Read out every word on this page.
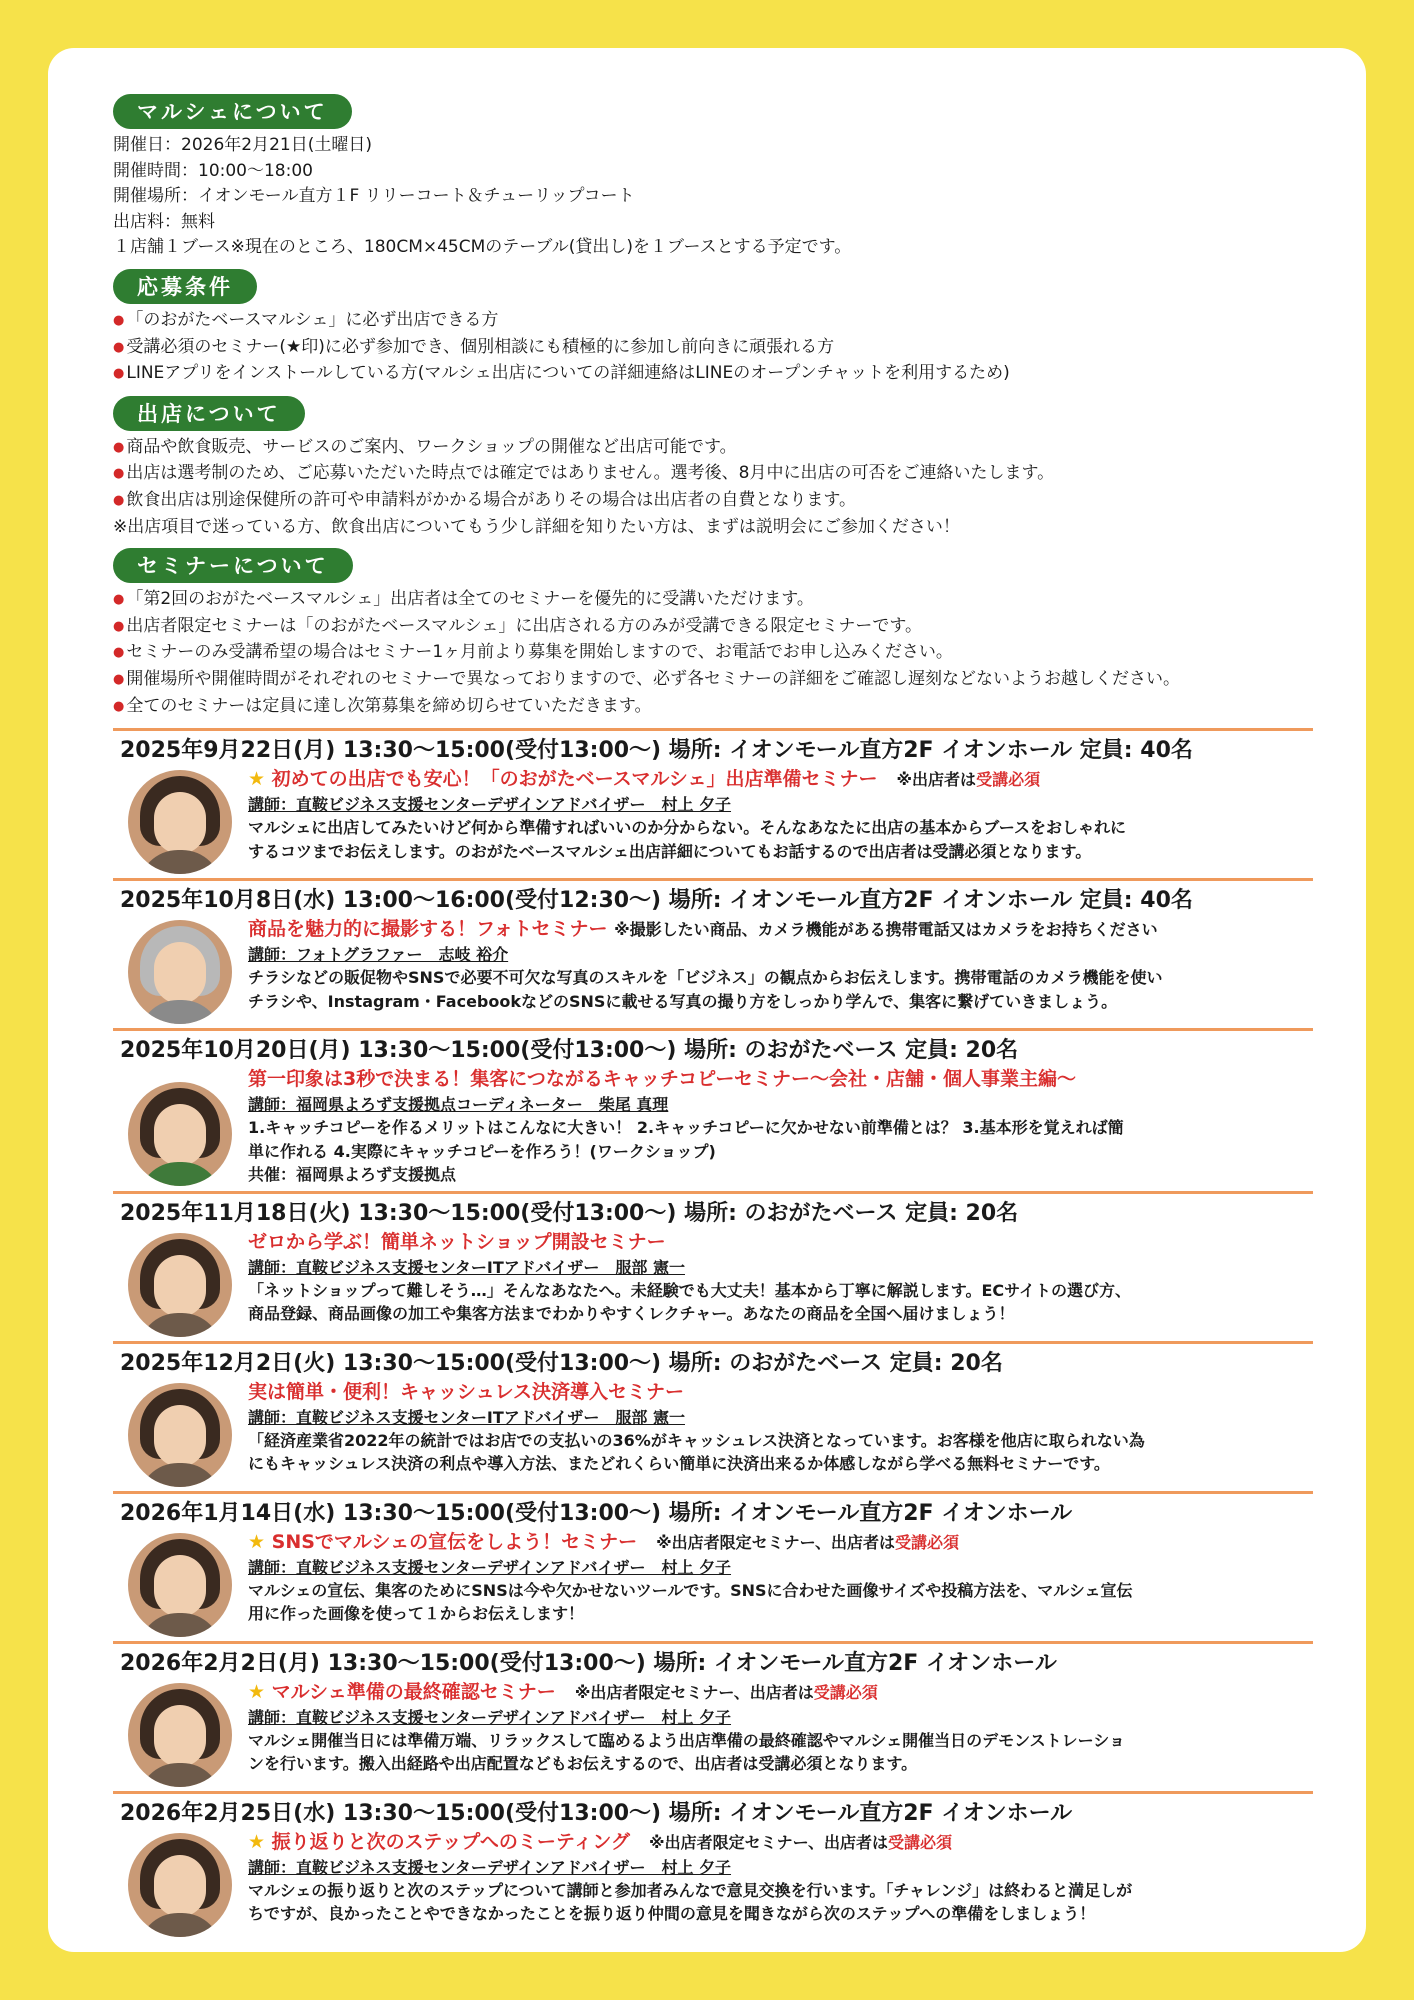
マルシェについて
開催日：2026年2月21日(土曜日)
開催時間：10:00〜18:00
開催場所：イオンモール直方１F リリーコート＆チューリップコート
出店料：無料
１店舗１ブース※現在のところ、180CM×45CMのテーブル(貸出し)を１ブースとする予定です。
応募条件
● 「のおがたベースマルシェ」に必ず出店できる方
● 受講必須のセミナー(★印)に必ず参加でき、個別相談にも積極的に参加し前向きに頑張れる方
● LINEアプリをインストールしている方(マルシェ出店についての詳細連絡はLINEのオープンチャットを利用するため)
出店について
● 商品や飲食販売、サービスのご案内、ワークショップの開催など出店可能です。
● 出店は選考制のため、ご応募いただいた時点では確定ではありません。選考後、8月中に出店の可否をご連絡いたします。
● 飲食出店は別途保健所の許可や申請料がかかる場合がありその場合は出店者の自費となります。
※出店項目で迷っている方、飲食出店についてもう少し詳細を知りたい方は、まずは説明会にご参加ください！
セミナーについて
● 「第2回のおがたベースマルシェ」出店者は全てのセミナーを優先的に受講いただけます。
● 出店者限定セミナーは「のおがたベースマルシェ」に出店される方のみが受講できる限定セミナーです。
● セミナーのみ受講希望の場合はセミナー1ヶ月前より募集を開始しますので、お電話でお申し込みください。
● 開催場所や開催時間がそれぞれのセミナーで異なっておりますので、必ず各セミナーの詳細をご確認し遅刻などないようお越しください。
● 全てのセミナーは定員に達し次第募集を締め切らせていただきます。
2025年9月22日(月) 13:30〜15:00(受付13:00〜) 場所: イオンモール直方2F イオンホール 定員: 40名
★ 初めての出店でも安心！「のおがたベースマルシェ」出店準備セミナー　 ※出店者は受講必須
講師：直鞍ビジネス支援センターデザインアドバイザー　村上 夕子
マルシェに出店してみたいけど何から準備すればいいのか分からない。そんなあなたに出店の基本からブースをおしゃれに
するコツまでお伝えします。のおがたベースマルシェ出店詳細についてもお話するので出店者は受講必須となります。
2025年10月8日(水) 13:00〜16:00(受付12:30〜) 場所: イオンモール直方2F イオンホール 定員: 40名
商品を魅力的に撮影する！フォトセミナー ※撮影したい商品、カメラ機能がある携帯電話又はカメラをお持ちください
講師：フォトグラファー　志岐 裕介
チラシなどの販促物やSNSで必要不可欠な写真のスキルを「ビジネス」の観点からお伝えします。携帯電話のカメラ機能を使い
チラシや、Instagram・FacebookなどのSNSに載せる写真の撮り方をしっかり学んで、集客に繋げていきましょう。
2025年10月20日(月) 13:30〜15:00(受付13:00〜) 場所: のおがたベース 定員: 20名
第一印象は3秒で決まる！集客につながるキャッチコピーセミナー〜会社・店舗・個人事業主編〜
講師：福岡県よろず支援拠点コーディネーター　柴尾 真理
1.キャッチコピーを作るメリットはこんなに大きい！ 2.キャッチコピーに欠かせない前準備とは？ 3.基本形を覚えれば簡
単に作れる 4.実際にキャッチコピーを作ろう！(ワークショップ)
共催：福岡県よろず支援拠点
2025年11月18日(火) 13:30〜15:00(受付13:00〜) 場所: のおがたベース 定員: 20名
ゼロから学ぶ！簡単ネットショップ開設セミナー
講師：直鞍ビジネス支援センターITアドバイザー　服部 憲一
「ネットショップって難しそう…」そんなあなたへ。未経験でも大丈夫！基本から丁寧に解説します。ECサイトの選び方、
商品登録、商品画像の加工や集客方法までわかりやすくレクチャー。あなたの商品を全国へ届けましょう！
2025年12月2日(火) 13:30〜15:00(受付13:00〜) 場所: のおがたベース 定員: 20名
実は簡単・便利！キャッシュレス決済導入セミナー
講師：直鞍ビジネス支援センターITアドバイザー　服部 憲一
「経済産業省2022年の統計ではお店での支払いの36%がキャッシュレス決済となっています。お客様を他店に取られない為
にもキャッシュレス決済の利点や導入方法、またどれくらい簡単に決済出来るか体感しながら学べる無料セミナーです。
2026年1月14日(水) 13:30〜15:00(受付13:00〜) 場所: イオンモール直方2F イオンホール
★ SNSでマルシェの宣伝をしよう！セミナー　 ※出店者限定セミナー、出店者は受講必須
講師：直鞍ビジネス支援センターデザインアドバイザー　村上 夕子
マルシェの宣伝、集客のためにSNSは今や欠かせないツールです。SNSに合わせた画像サイズや投稿方法を、マルシェ宣伝
用に作った画像を使って１からお伝えします！
2026年2月2日(月) 13:30〜15:00(受付13:00〜) 場所: イオンモール直方2F イオンホール
★ マルシェ準備の最終確認セミナー　 ※出店者限定セミナー、出店者は受講必須
講師：直鞍ビジネス支援センターデザインアドバイザー　村上 夕子
マルシェ開催当日には準備万端、リラックスして臨めるよう出店準備の最終確認やマルシェ開催当日のデモンストレーショ
ンを行います。搬入出経路や出店配置などもお伝えするので、出店者は受講必須となります。
2026年2月25日(水) 13:30〜15:00(受付13:00〜) 場所: イオンモール直方2F イオンホール
★ 振り返りと次のステップへのミーティング　 ※出店者限定セミナー、出店者は受講必須
講師：直鞍ビジネス支援センターデザインアドバイザー　村上 夕子
マルシェの振り返りと次のステップについて講師と参加者みんなで意見交換を行います。「チャレンジ」は終わると満足しが
ちですが、良かったことやできなかったことを振り返り仲間の意見を聞きながら次のステップへの準備をしましょう！
